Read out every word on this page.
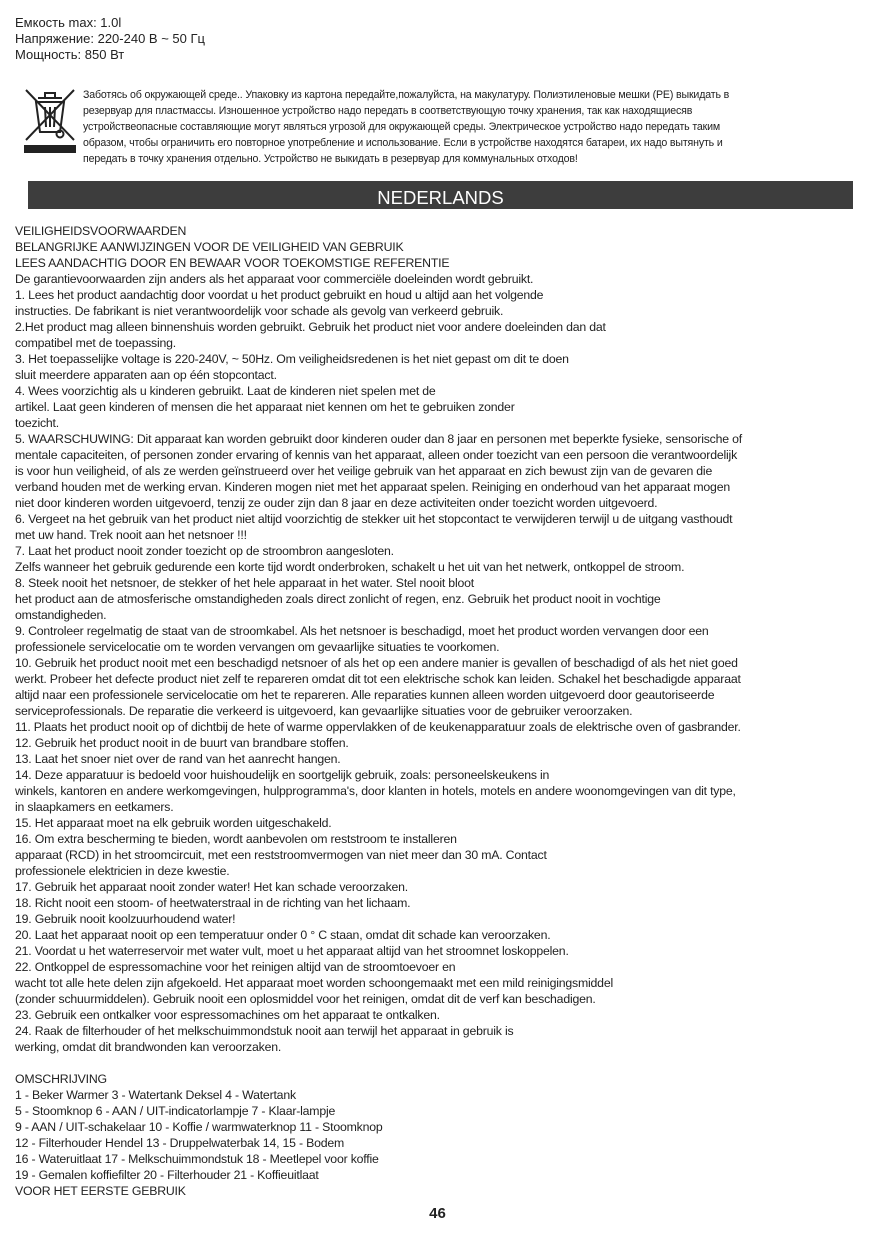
Емкость max: 1.0l
Напряжение: 220-240 В ~ 50 Гц
Мощность: 850 Вт
Заботясь об окружающей среде.. Упаковку из картона передайте,пожалуйста, на макулатуру. Полиэтиленовые мешки (PE) выкидать в
резервуар для пластмассы. Изношенное устройство надо передать в соответствующую точку хранения, так как находящиесяв
устройствеопасные составляющие могут являться угрозой для окружающей среды. Электрическое устройство надо передать таким
образом, чтобы ограничить его повторное употребление и использование. Если в устройстве находятся батареи, их надо вытянуть и
передать в точку хранения отдельно. Устройство не выкидать в резервуар для коммунальных отходов!
NEDERLANDS
VEILIGHEIDSVOORWAARDEN
BELANGRIJKE AANWIJZINGEN VOOR DE VEILIGHEID VAN GEBRUIK
LEES AANDACHTIG DOOR EN BEWAAR VOOR TOEKOMSTIGE REFERENTIE
De garantievoorwaarden zijn anders als het apparaat voor commerciële doeleinden wordt gebruikt.
1. Lees het product aandachtig door voordat u het product gebruikt en houd u altijd aan het volgende
instructies. De fabrikant is niet verantwoordelijk voor schade als gevolg van verkeerd gebruik.
2.Het product mag alleen binnenshuis worden gebruikt. Gebruik het product niet voor andere doeleinden dan dat
compatibel met de toepassing.
3. Het toepasselijke voltage is 220-240V, ~ 50Hz. Om veiligheidsredenen is het niet gepast om dit te doen
sluit meerdere apparaten aan op één stopcontact.
4. Wees voorzichtig als u kinderen gebruikt. Laat de kinderen niet spelen met de
artikel. Laat geen kinderen of mensen die het apparaat niet kennen om het te gebruiken zonder
toezicht.
5. WAARSCHUWING: Dit apparaat kan worden gebruikt door kinderen ouder dan 8 jaar en personen met beperkte fysieke, sensorische of
mentale capaciteiten, of personen zonder ervaring of kennis van het apparaat, alleen onder toezicht van een persoon die verantwoordelijk
is voor hun veiligheid, of als ze werden geïnstrueerd over het veilige gebruik van het apparaat en zich bewust zijn van de gevaren die
verband houden met de werking ervan. Kinderen mogen niet met het apparaat spelen. Reiniging en onderhoud van het apparaat mogen
niet door kinderen worden uitgevoerd, tenzij ze ouder zijn dan 8 jaar en deze activiteiten onder toezicht worden uitgevoerd.
6. Vergeet na het gebruik van het product niet altijd voorzichtig de stekker uit het stopcontact te verwijderen terwijl u de uitgang vasthoudt
met uw hand. Trek nooit aan het netsnoer !!!
7. Laat het product nooit zonder toezicht op de stroombron aangesloten.
Zelfs wanneer het gebruik gedurende een korte tijd wordt onderbroken, schakelt u het uit van het netwerk, ontkoppel de stroom.
8. Steek nooit het netsnoer, de stekker of het hele apparaat in het water. Stel nooit bloot
het product aan de atmosferische omstandigheden zoals direct zonlicht of regen, enz. Gebruik het product nooit in vochtige
omstandigheden.
9. Controleer regelmatig de staat van de stroomkabel. Als het netsnoer is beschadigd, moet het product worden vervangen door een
professionele servicelocatie om te worden vervangen om gevaarlijke situaties te voorkomen.
10. Gebruik het product nooit met een beschadigd netsnoer of als het op een andere manier is gevallen of beschadigd of als het niet goed
werkt. Probeer het defecte product niet zelf te repareren omdat dit tot een elektrische schok kan leiden. Schakel het beschadigde apparaat
altijd naar een professionele servicelocatie om het te repareren. Alle reparaties kunnen alleen worden uitgevoerd door geautoriseerde
serviceprofessionals. De reparatie die verkeerd is uitgevoerd, kan gevaarlijke situaties voor de gebruiker veroorzaken.
11. Plaats het product nooit op of dichtbij de hete of warme oppervlakken of de keukenapparatuur zoals de elektrische oven of gasbrander.
12. Gebruik het product nooit in de buurt van brandbare stoffen.
13. Laat het snoer niet over de rand van het aanrecht hangen.
14. Deze apparatuur is bedoeld voor huishoudelijk en soortgelijk gebruik, zoals: personeelskeukens in
winkels, kantoren en andere werkomgevingen, hulpprogramma's, door klanten in hotels, motels en andere woonomgevingen van dit type,
in slaapkamers en eetkamers.
15. Het apparaat moet na elk gebruik worden uitgeschakeld.
16. Om extra bescherming te bieden, wordt aanbevolen om reststroom te installeren
apparaat (RCD) in het stroomcircuit, met een reststroomvermogen van niet meer dan 30 mA. Contact
professionele elektricien in deze kwestie.
17. Gebruik het apparaat nooit zonder water! Het kan schade veroorzaken.
18. Richt nooit een stoom- of heetwaterstraal in de richting van het lichaam.
19. Gebruik nooit koolzuurhoudend water!
20. Laat het apparaat nooit op een temperatuur onder 0 ° C staan, omdat dit schade kan veroorzaken.
21. Voordat u het waterreservoir met water vult, moet u het apparaat altijd van het stroomnet loskoppelen.
22. Ontkoppel de espressomachine voor het reinigen altijd van de stroomtoevoer en
wacht tot alle hete delen zijn afgekoeld. Het apparaat moet worden schoongemaakt met een mild reinigingsmiddel
(zonder schuurmiddelen). Gebruik nooit een oplosmiddel voor het reinigen, omdat dit de verf kan beschadigen.
23. Gebruik een ontkalker voor espressomachines om het apparaat te ontkalken.
24. Raak de filterhouder of het melkschuimmondstuk nooit aan terwijl het apparaat in gebruik is
werking, omdat dit brandwonden kan veroorzaken.
OMSCHRIJVING
1 - Beker Warmer 3 - Watertank Deksel 4 - Watertank
5 - Stoomknop 6 - AAN / UIT-indicatorlampje 7 - Klaar-lampje
9 - AAN / UIT-schakelaar 10 - Koffie / warmwaterknop 11 - Stoomknop
12 - Filterhouder Hendel 13 - Druppelwaterbak 14, 15 - Bodem
16 - Wateruitlaat 17 - Melkschuimmondstuk 18 - Meetlepel voor koffie
19 - Gemalen koffiefilter 20 - Filterhouder 21 - Koffieuitlaat
VOOR HET EERSTE GEBRUIK
46
